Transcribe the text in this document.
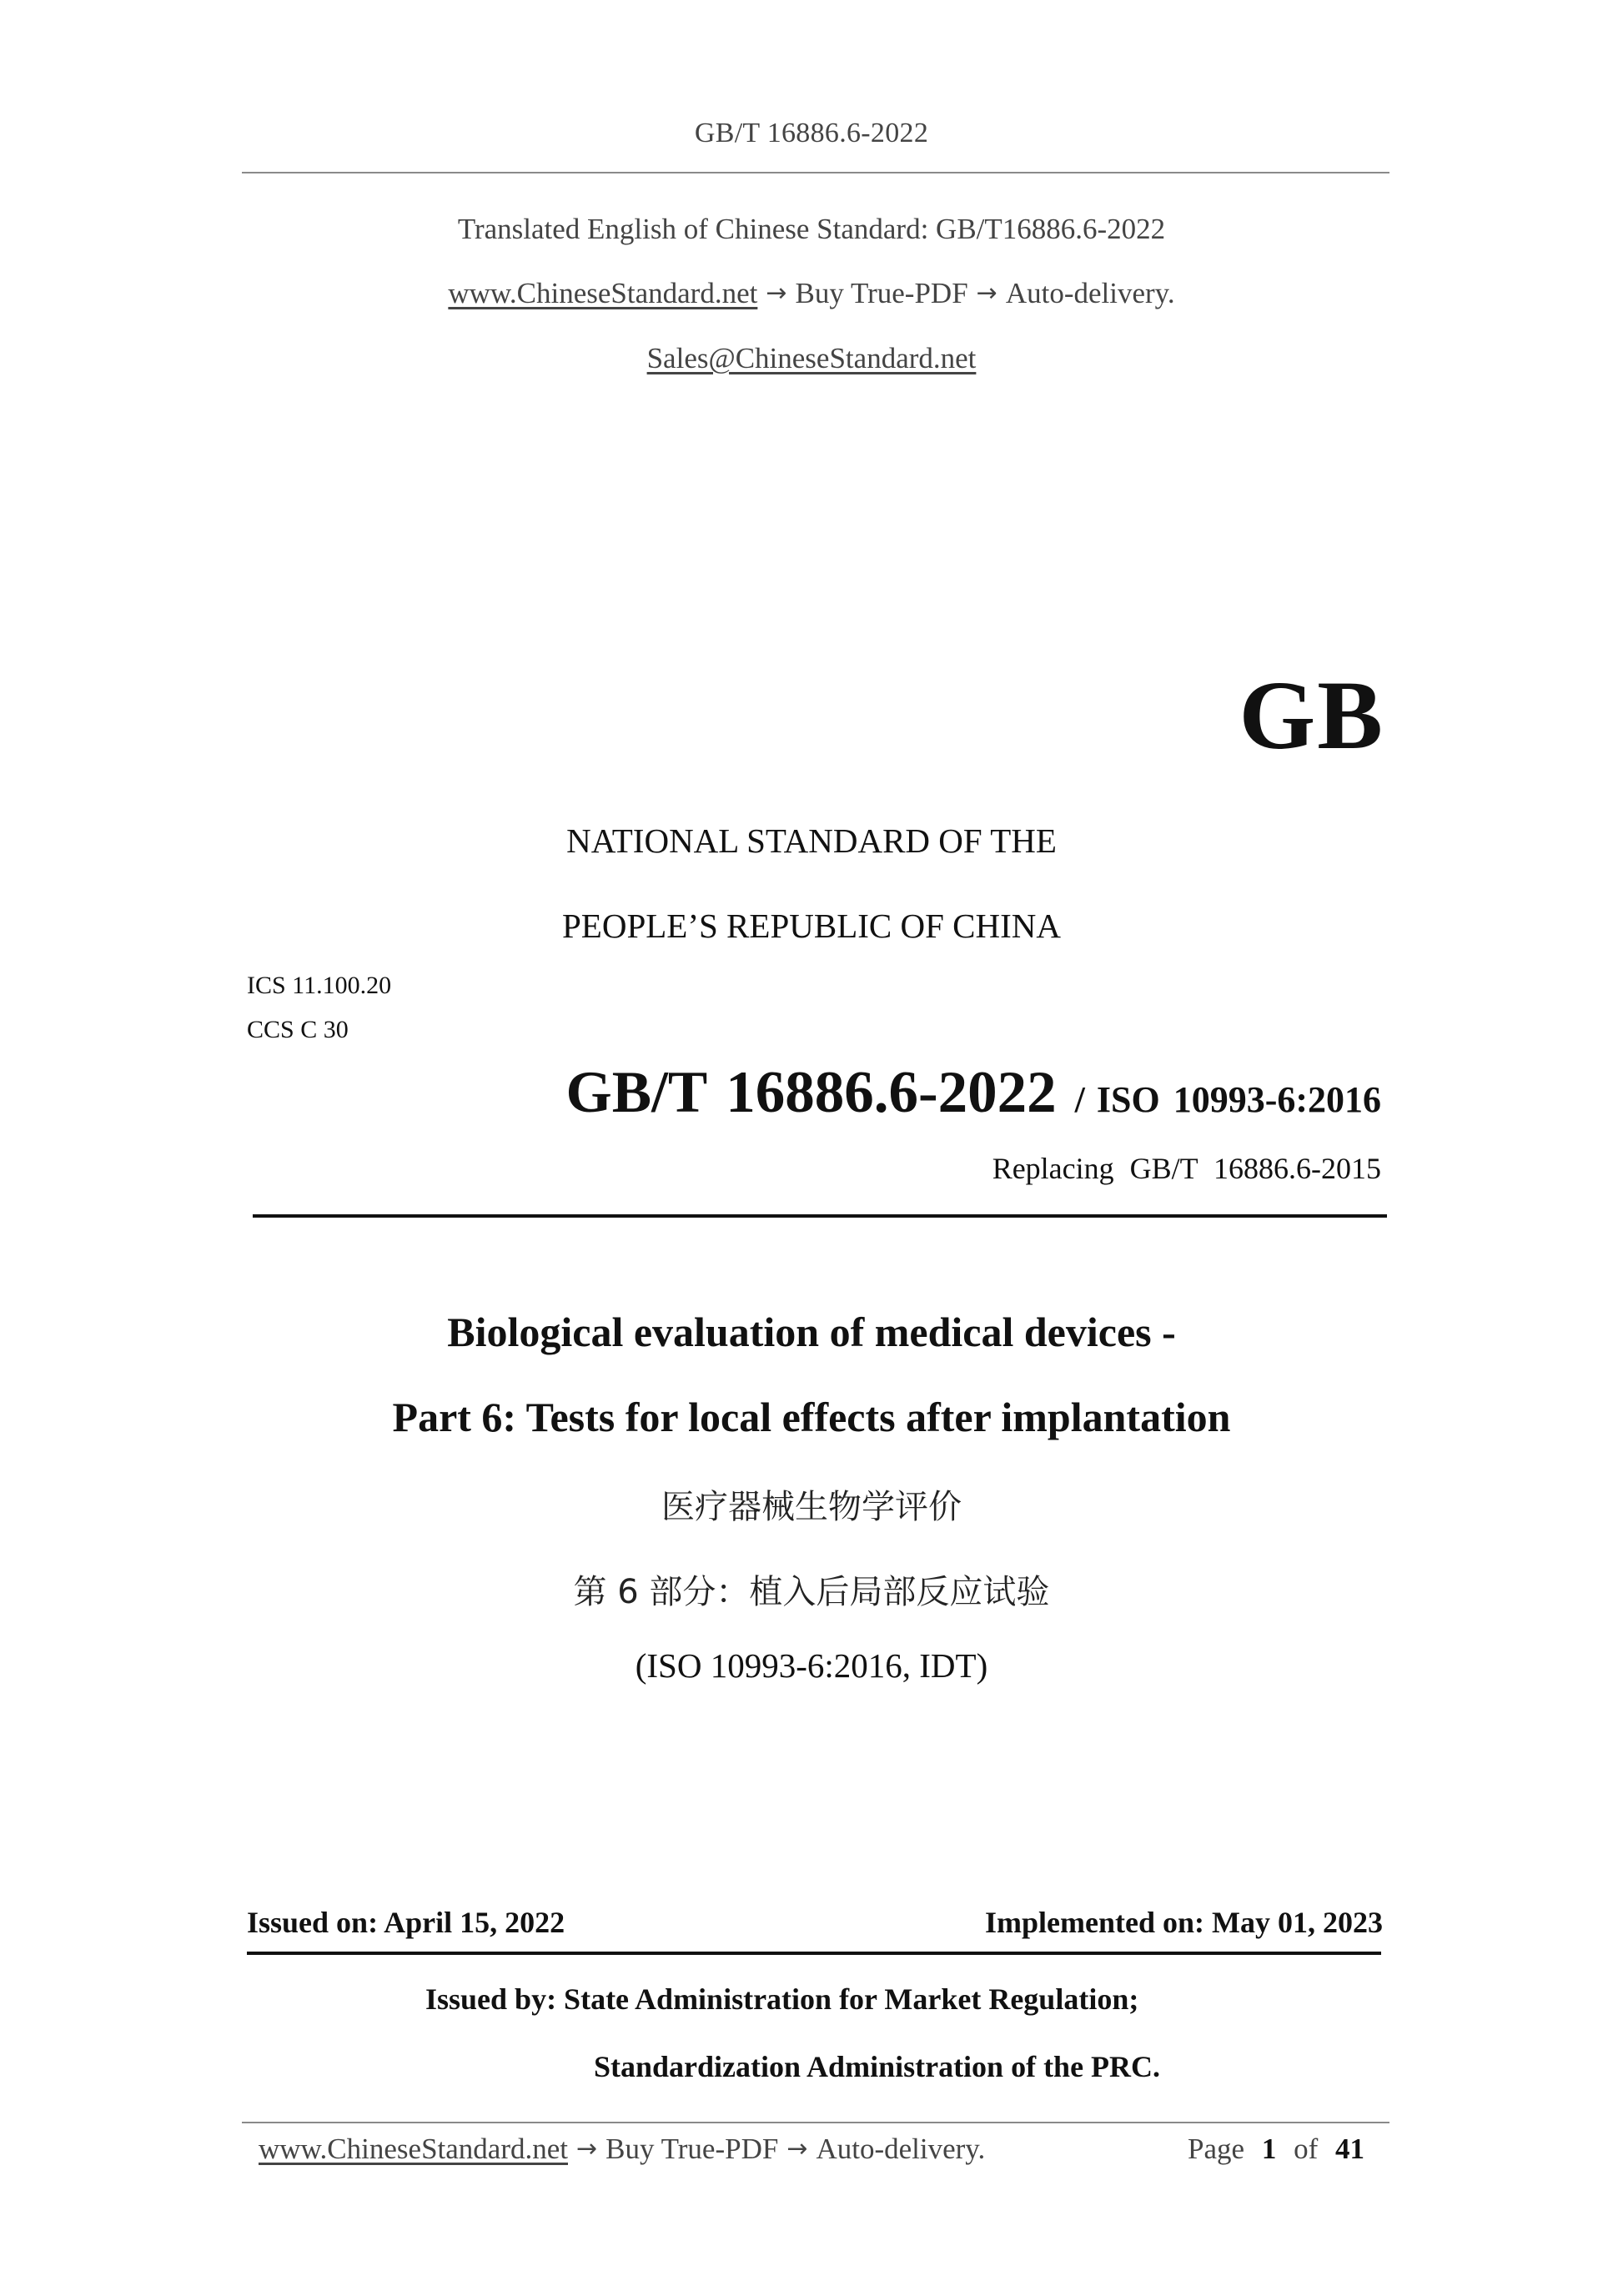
GB/T 16886.6-2022
Translated English of Chinese Standard: GB/T16886.6-2022
www.ChineseStandard.net → Buy True-PDF → Auto-delivery.
Sales@ChineseStandard.net
GB
NATIONAL STANDARD OF THE
PEOPLE’S REPUBLIC OF CHINA
ICS 11.100.20
CCS C 30
GB/T 16886.6-2022 / ISO 10993-6:2016
Replacing GB/T 16886.6-2015
Biological evaluation of medical devices -
Part 6: Tests for local effects after implantation
医疗器械生物学评价
第 6 部分：植入后局部反应试验
(ISO 10993-6:2016, IDT)
Issued on: April 15, 2022	Implemented on: May 01, 2023
Issued by: State Administration for Market Regulation;
Standardization Administration of the PRC.
www.ChineseStandard.net → Buy True-PDF → Auto-delivery.	Page 1 of 41
